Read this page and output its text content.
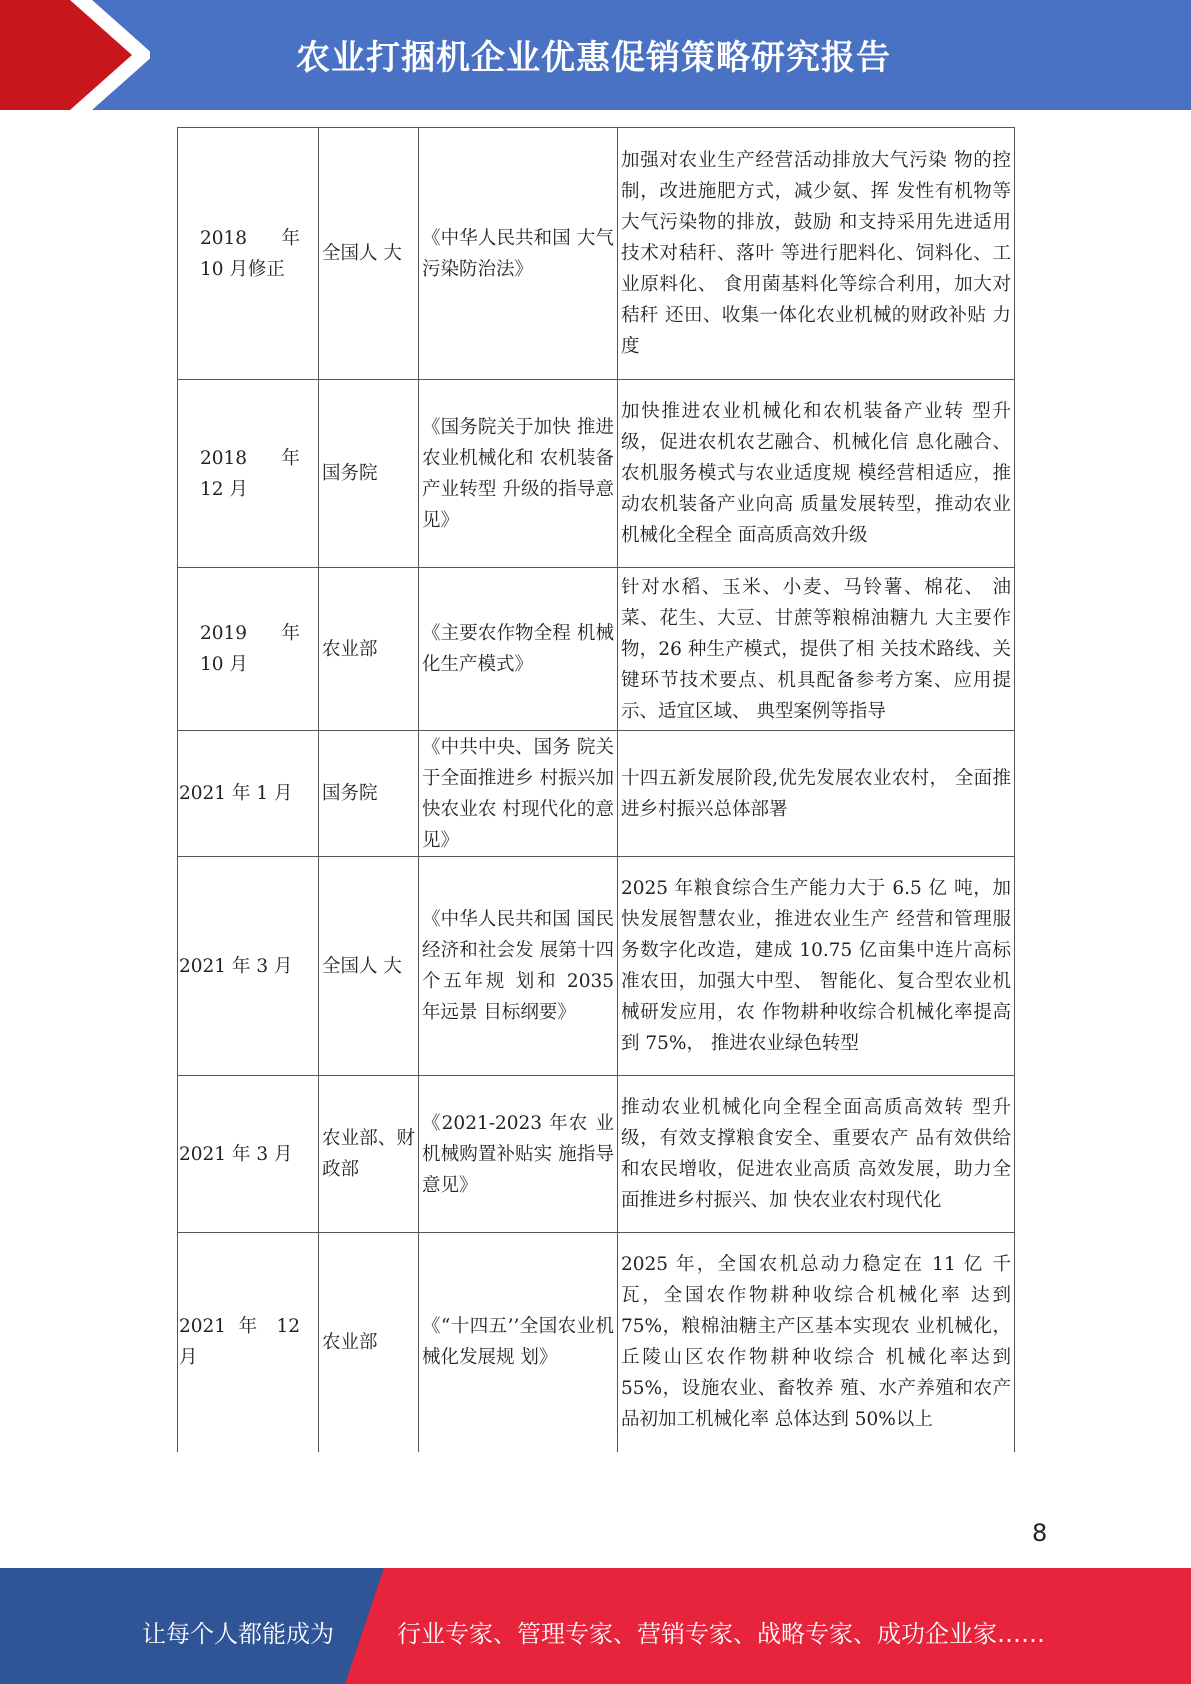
农业打捆机企业优惠促销策略研究报告
2018 年 10 月修正	全国人 大	《中华人民共和国 大气污染防治法》	加强对农业生产经营活动排放大气污染 物的控制，改进施肥方式，减少氨、挥 发性有机物等大气污染物的排放，鼓励 和支持采用先进适用技术对秸秆、落叶 等进行肥料化、饲料化、工业原料化、 食用菌基料化等综合利用，加大对秸秆 还田、收集一体化农业机械的财政补贴 力度
2018 年 12 月	国务院	《国务院关于加快 推进农业机械化和 农机装备产业转型 升级的指导意见》	加快推进农业机械化和农机装备产业转 型升级，促进农机农艺融合、机械化信 息化融合、农机服务模式与农业适度规 模经营相适应，推动农机装备产业向高 质量发展转型，推动农业机械化全程全 面高质高效升级
2019 年 10 月	农业部	《主要农作物全程 机械化生产模式》	针对水稻、玉米、小麦、马铃薯、棉花、 油菜、花生、大豆、甘蔗等粮棉油糖九 大主要作物，26 种生产模式，提供了相 关技术路线、关键环节技术要点、机具配备参考方案、应用提示、适宜区域、 典型案例等指导
2021 年 1 月	国务院	《中共中央、国务 院关于全面推进乡 村振兴加快农业农 村现代化的意见》	十四五新发展阶段,优先发展农业农村， 全面推进乡村振兴总体部署
2021 年 3 月	全国人 大	《中华人民共和国 国民经济和社会发 展第十四个五年规 划和 2035 年远景 目标纲要》	2025 年粮食综合生产能力大于 6.5 亿 吨，加快发展智慧农业，推进农业生产 经营和管理服务数字化改造，建成 10.75 亿亩集中连片高标准农田，加强大中型、 智能化、复合型农业机械研发应用，农 作物耕种收综合机械化率提高到 75%， 推进农业绿色转型
2021 年 3 月	农业部、财政部	《2021-2023 年农 业机械购置补贴实 施指导意见》	推动农业机械化向全程全面高质高效转 型升级，有效支撑粮食安全、重要农产 品有效供给和农民增收，促进农业高质 高效发展，助力全面推进乡村振兴、加 快农业农村现代化
2021 年 12 月	农业部	《“十四五’’全国农业机械化发展规 划》	2025 年，全国农机总动力稳定在 11 亿 千瓦，全国农作物耕种收综合机械化率 达到 75%，粮棉油糖主产区基本实现农 业机械化，丘陵山区农作物耕种收综合 机械化率达到 55%，设施农业、畜牧养 殖、水产养殖和农产品初加工机械化率 总体达到 50%以上
8
让每个人都能成为	行业专家、管理专家、营销专家、战略专家、成功企业家……
